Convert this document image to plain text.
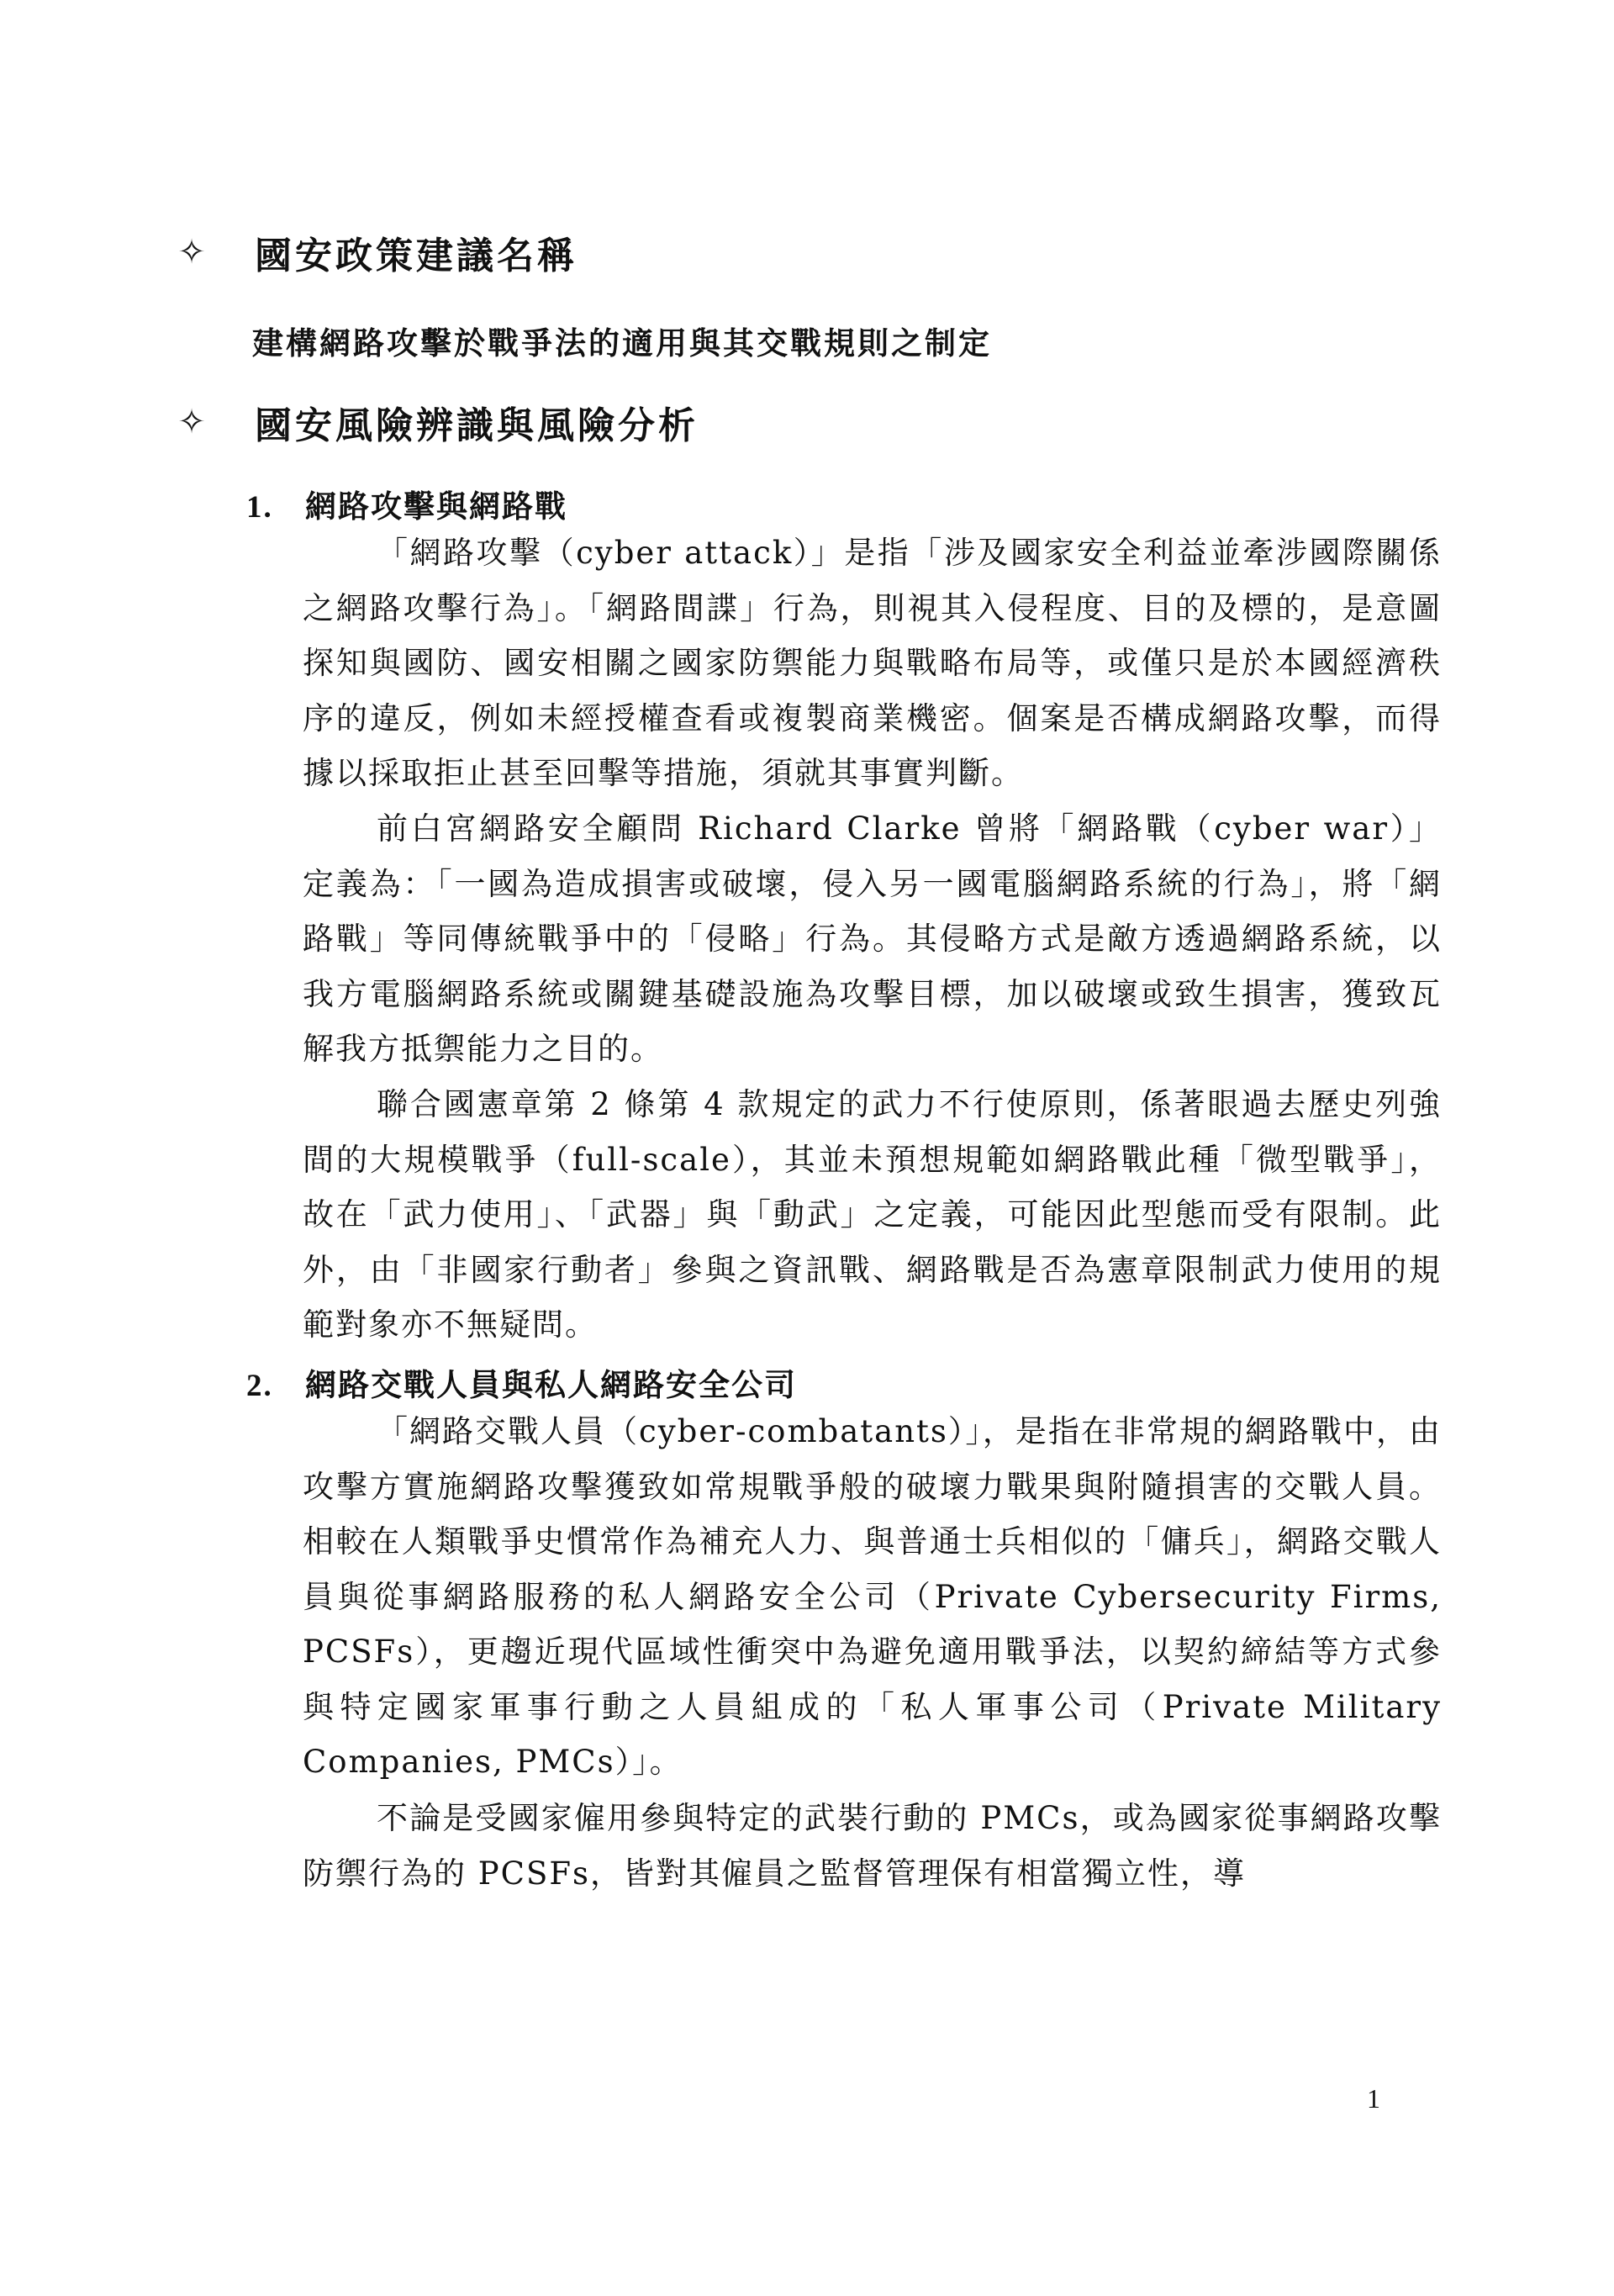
✧ 國安政策建議名稱
建構網路攻擊於戰爭法的適用與其交戰規則之制定
✧ 國安風險辨識與風險分析
1. 網路攻擊與網路戰

「網路攻擊（cyber attack）」是指「涉及國家安全利益並牽涉國際關係之網路攻擊行為」。「網路間諜」行為，則視其入侵程度、目的及標的，是意圖探知與國防、國安相關之國家防禦能力與戰略布局等，或僅只是於本國經濟秩序的違反，例如未經授權查看或複製商業機密。個案是否構成網路攻擊，而得據以採取拒止甚至回擊等措施，須就其事實判斷。

前白宮網路安全顧問 Richard Clarke 曾將「網路戰（cyber war）」定義為：「一國為造成損害或破壞，侵入另一國電腦網路系統的行為」，將「網路戰」等同傳統戰爭中的「侵略」行為。其侵略方式是敵方透過網路系統，以我方電腦網路系統或關鍵基礎設施為攻擊目標，加以破壞或致生損害，獲致瓦解我方抵禦能力之目的。

聯合國憲章第 2 條第 4 款規定的武力不行使原則，係著眼過去歷史列強間的大規模戰爭（full-scale），其並未預想規範如網路戰此種「微型戰爭」，故在「武力使用」、「武器」與「動武」之定義，可能因此型態而受有限制。此外，由「非國家行動者」參與之資訊戰、網路戰是否為憲章限制武力使用的規範對象亦不無疑問。

2. 網路交戰人員與私人網路安全公司

「網路交戰人員（cyber-combatants）」，是指在非常規的網路戰中，由攻擊方實施網路攻擊獲致如常規戰爭般的破壞力戰果與附隨損害的交戰人員。相較在人類戰爭史慣常作為補充人力、與普通士兵相似的「傭兵」，網路交戰人員與從事網路服務的私人網路安全公司（Private Cybersecurity Firms, PCSFs），更趨近現代區域性衝突中為避免適用戰爭法，以契約締結等方式參與特定國家軍事行動之人員組成的「私人軍事公司（Private Military Companies, PMCs）」。

不論是受國家僱用參與特定的武裝行動的 PMCs，或為國家從事網路攻擊防禦行為的 PCSFs，皆對其僱員之監督管理保有相當獨立性，導

1
